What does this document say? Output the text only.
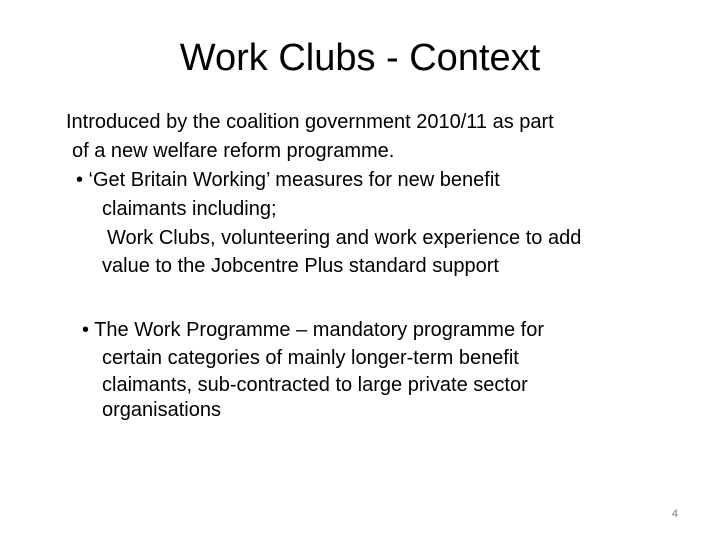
Work Clubs - Context
Introduced by the coalition government 2010/11 as part
of a new welfare reform programme.
• ‘Get Britain Working’ measures for new benefit
claimants including;
Work Clubs, volunteering and work experience to add
value to the Jobcentre Plus standard support
• The Work Programme – mandatory programme for
certain categories of mainly longer-term benefit
claimants, sub-contracted to large private sector
organisations
4
